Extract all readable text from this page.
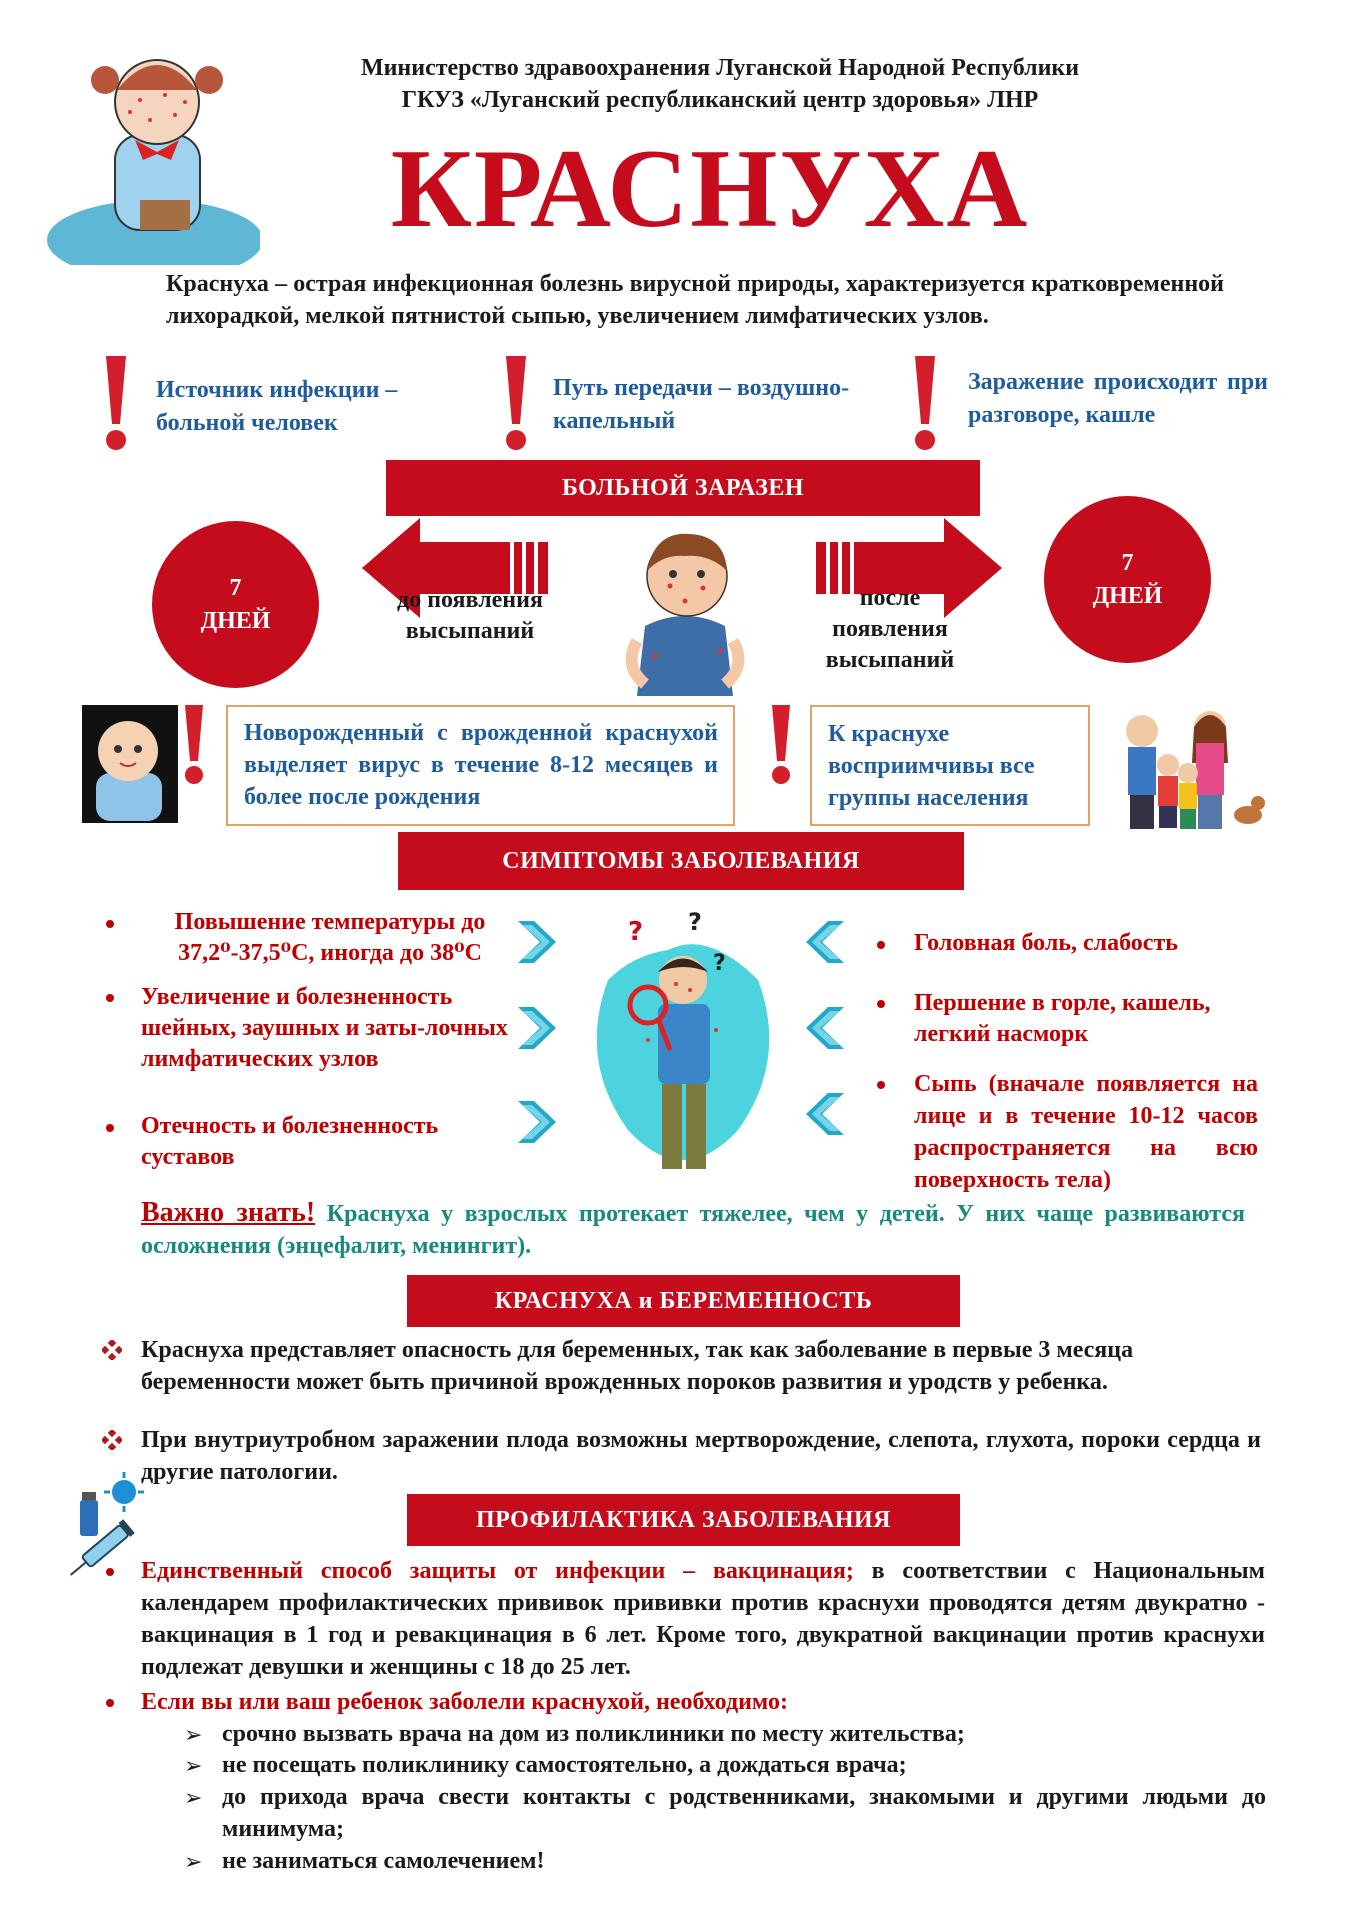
Министерство здравоохранения Луганской Народной Республики
ГКУЗ «Луганский республиканский центр здоровья» ЛНР
КРАСНУХА
Краснуха – острая инфекционная болезнь вирусной природы, характеризуется кратковременной лихорадкой, мелкой пятнистой сыпью, увеличением лимфатических узлов.
Источник инфекции – больной человек
Путь передачи – воздушно-капельный
Заражение происходит при разговоре, кашле
БОЛЬНОЙ ЗАРАЗЕН
7
ДНЕЙ
до появления высыпаний
после появления высыпаний
7
ДНЕЙ
Новорожденный с врожденной краснухой выделяет вирус в течение 8-12 месяцев и более после рождения
К краснухе восприимчивы все группы населения
СИМПТОМЫ ЗАБОЛЕВАНИЯ
Повышение температуры до 37,2⁰-37,5⁰С, иногда до 38⁰С
Увеличение и болезненность шейных, заушных и заты-лочных лимфатических узлов
Отечность и болезненность суставов
? ?
?
Головная боль, слабость
Першение в горле, кашель, легкий насморк
Сыпь (вначале появляется на лице и в течение 10-12 часов распространяется на всю поверхность тела)
Важно знать! Краснуха у взрослых протекает тяжелее, чем у детей. У них чаще развиваются осложнения (энцефалит, менингит).
КРАСНУХА и БЕРЕМЕННОСТЬ
Краснуха представляет опасность для беременных, так как заболевание в первые 3 месяца беременности может быть причиной врожденных пороков развития и уродств у ребенка.
При внутриутробном заражении плода возможны мертворождение, слепота, глухота, пороки сердца и другие патологии.
ПРОФИЛАКТИКА ЗАБОЛЕВАНИЯ
Единственный способ защиты от инфекции – вакцинация; в соответствии с Национальным календарем профилактических прививок прививки против краснухи проводятся детям двукратно - вакцинация в 1 год и ревакцинация в 6 лет. Кроме того, двукратной вакцинации против краснухи подлежат девушки и женщины с 18 до 25 лет.
Если вы или ваш ребенок заболели краснухой, необходимо:
➢ срочно вызвать врача на дом из поликлиники по месту жительства;
➢ не посещать поликлинику самостоятельно, а дождаться врача;
➢ до прихода врача свести контакты с родственниками, знакомыми и другими людьми до минимума;
➢ не заниматься самолечением!
